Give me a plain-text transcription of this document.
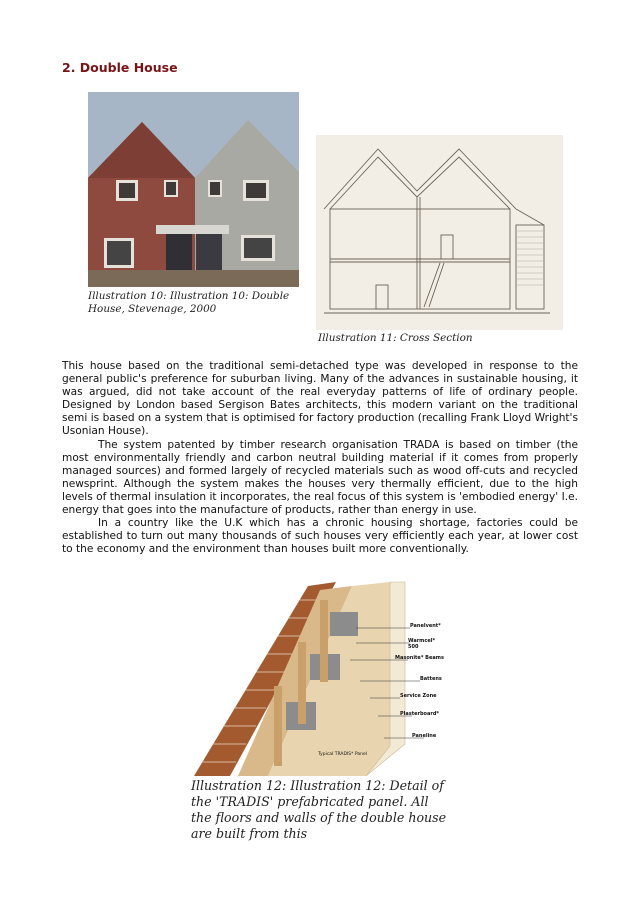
2. Double House
Illustration 10: Illustration 10: Double House, Stevenage, 2000
Illustration 11: Cross Section

This house based on the traditional semi-detached type was developed in response to the general public's preference for suburban living. Many of the advances in sustainable housing, it was argued, did not take account of the real everyday patterns of life of ordinary people. Designed by London based Sergison Bates architects, this modern variant on the traditional semi is based on a system that is optimised for factory production (recalling Frank Lloyd Wright's Usonian House).

The system patented by timber research organisation TRADA is based on timber (the most environmentally friendly and carbon neutral building material if it comes from properly managed sources) and formed largely of recycled materials such as wood off-cuts and recycled newsprint. Although the system makes the houses very thermally efficient, due to the high levels of thermal insulation it incorporates, the real focus of this system is 'embodied energy' I.e. energy that goes into the manufacture of products, rather than energy in use.

In a country like the U.K which has a chronic housing shortage, factories could be established to turn out many thousands of such houses very efficiently each year, at lower cost to the economy and the environment than houses built more conventionally.

Panelvent*
Warmcel* 500
Masonite* Beams
Battens
Service Zone
Plasterboard*
Paneline
Typical TRADIS* Panel
Illustration 12: Illustration 12: Detail of the 'TRADIS' prefabricated panel. All the floors and walls of the double house are built from this
